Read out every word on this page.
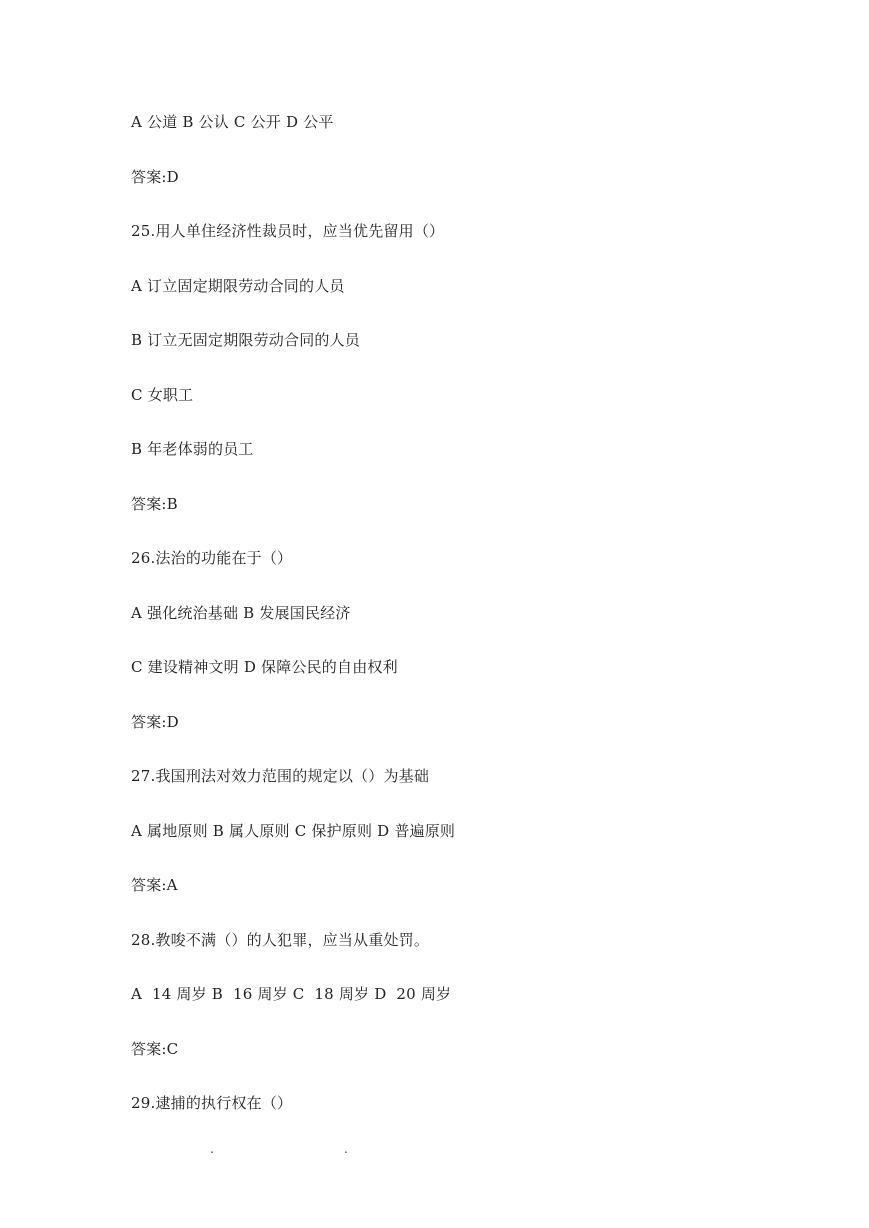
A 公道 B 公认 C 公开 D 公平
答案:D
25.用人单住经济性裁员时，应当优先留用（）
A 订立固定期限劳动合同的人员
B 订立无固定期限劳动合同的人员
C 女职工
B 年老体弱的员工
答案:B
26.法治的功能在于（）
A 强化统治基础 B 发展国民经济
C 建设精神文明 D 保障公民的自由权利
答案:D
27.我国刑法对效力范围的规定以（）为基础
A 属地原则 B 属人原则 C 保护原则 D 普遍原则
答案:A
28.教唆不满（）的人犯罪，应当从重处罚。
A  14 周岁 B  16 周岁 C  18 周岁 D  20 周岁
答案:C
29.逮捕的执行权在（）
.	.
